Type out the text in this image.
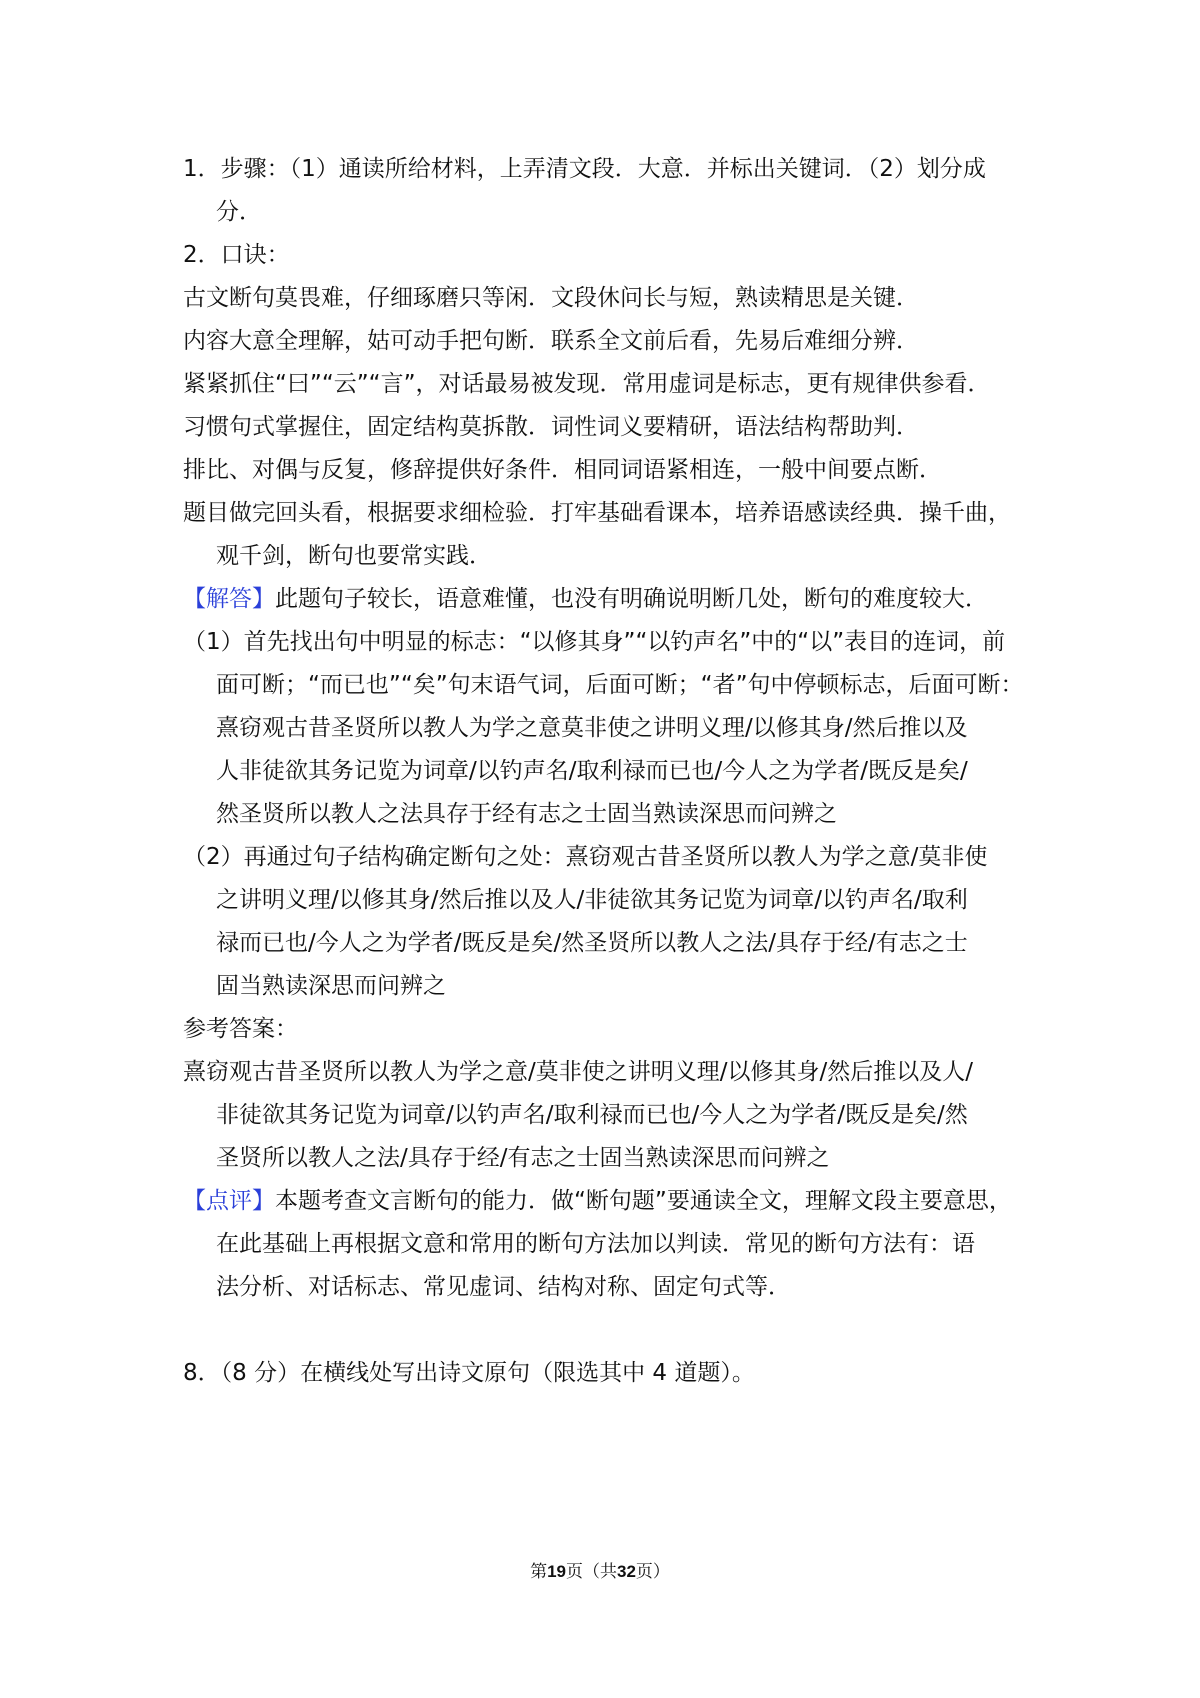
1．步骤：（1）通读所给材料，上弄清文段．大意．并标出关键词．（2）划分成
分．
2．口诀：
古文断句莫畏难，仔细琢磨只等闲．文段休问长与短，熟读精思是关键．
内容大意全理解，姑可动手把句断．联系全文前后看，先易后难细分辨．
紧紧抓住“曰”“云”“言”，对话最易被发现．常用虚词是标志，更有规律供参看．
习惯句式掌握住，固定结构莫拆散．词性词义要精研，语法结构帮助判．
排比、对偶与反复，修辞提供好条件．相同词语紧相连，一般中间要点断．
题目做完回头看，根据要求细检验．打牢基础看课本，培养语感读经典．操千曲，
观千剑，断句也要常实践．
【解答】此题句子较长，语意难懂，也没有明确说明断几处，断句的难度较大．
（1）首先找出句中明显的标志：“以修其身”“以钓声名”中的“以”表目的连词，前
面可断；“而已也”“矣”句末语气词，后面可断；“者”句中停顿标志，后面可断：
熹窃观古昔圣贤所以教人为学之意莫非使之讲明义理/以修其身/然后推以及
人非徒欲其务记览为词章/以钓声名/取利禄而已也/今人之为学者/既反是矣/
然圣贤所以教人之法具存于经有志之士固当熟读深思而问辨之
（2）再通过句子结构确定断句之处：熹窃观古昔圣贤所以教人为学之意/莫非使
之讲明义理/以修其身/然后推以及人/非徒欲其务记览为词章/以钓声名/取利
禄而已也/今人之为学者/既反是矣/然圣贤所以教人之法/具存于经/有志之士
固当熟读深思而问辨之
参考答案：
熹窃观古昔圣贤所以教人为学之意/莫非使之讲明义理/以修其身/然后推以及人/
非徒欲其务记览为词章/以钓声名/取利禄而已也/今人之为学者/既反是矣/然
圣贤所以教人之法/具存于经/有志之士固当熟读深思而问辨之
【点评】本题考查文言断句的能力．做“断句题”要通读全文，理解文段主要意思，
在此基础上再根据文意和常用的断句方法加以判读．常见的断句方法有：语
法分析、对话标志、常见虚词、结构对称、固定句式等．
8．（8 分）在横线处写出诗文原句（限选其中 4 道题）。
第19页（共32页）
